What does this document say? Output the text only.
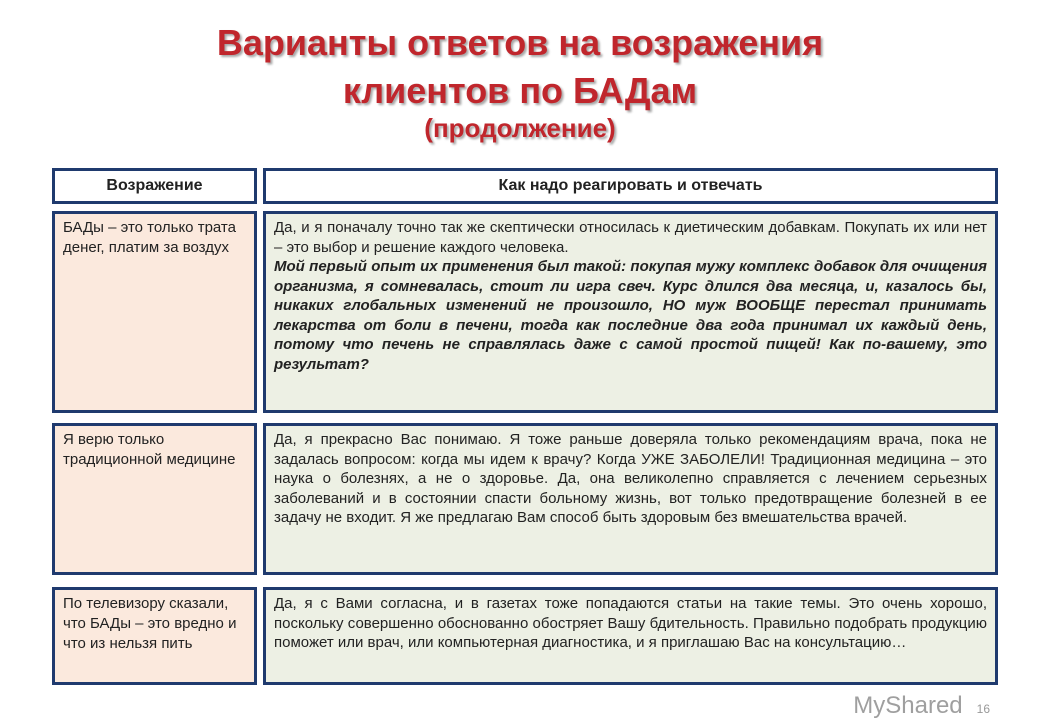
Варианты ответов на возражения
клиентов по БАДам
(продолжение)
Возражение	Как надо реагировать и отвечать
БАДы – это только трата денег, платим за воздух
Да, и я поначалу точно так же скептически относилась к диетическим добавкам. Покупать их или нет – это выбор и решение каждого человека.
Мой первый опыт их применения был такой: покупая мужу комплекс добавок для очищения организма, я сомневалась, стоит ли игра свеч. Курс длился два месяца, и, казалось бы, никаких глобальных изменений не произошло, НО муж ВООБЩЕ перестал принимать лекарства от боли в печени, тогда как последние два года принимал их каждый день, потому что печень не справлялась даже с самой простой пищей! Как по-вашему, это результат?
Я верю только традиционной медицине
Да, я прекрасно Вас понимаю. Я тоже раньше доверяла только рекомендациям врача, пока не задалась вопросом: когда мы идем к врачу? Когда УЖЕ ЗАБОЛЕЛИ! Традиционная медицина – это наука о болезнях, а не о здоровье. Да, она великолепно справляется с лечением серьезных заболеваний и в состоянии спасти больному жизнь, вот только предотвращение болезней в ее задачу не входит. Я же предлагаю Вам способ быть здоровым без вмешательства врачей.
По телевизору сказали, что БАДы – это вредно и что из нельзя пить
Да, я с Вами согласна, и в газетах тоже попадаются статьи на такие темы. Это очень хорошо, поскольку совершенно обоснованно обостряет Вашу бдительность. Правильно подобрать продукцию поможет или врач, или компьютерная диагностика, и я приглашаю Вас на консультацию…
MyShared 16
